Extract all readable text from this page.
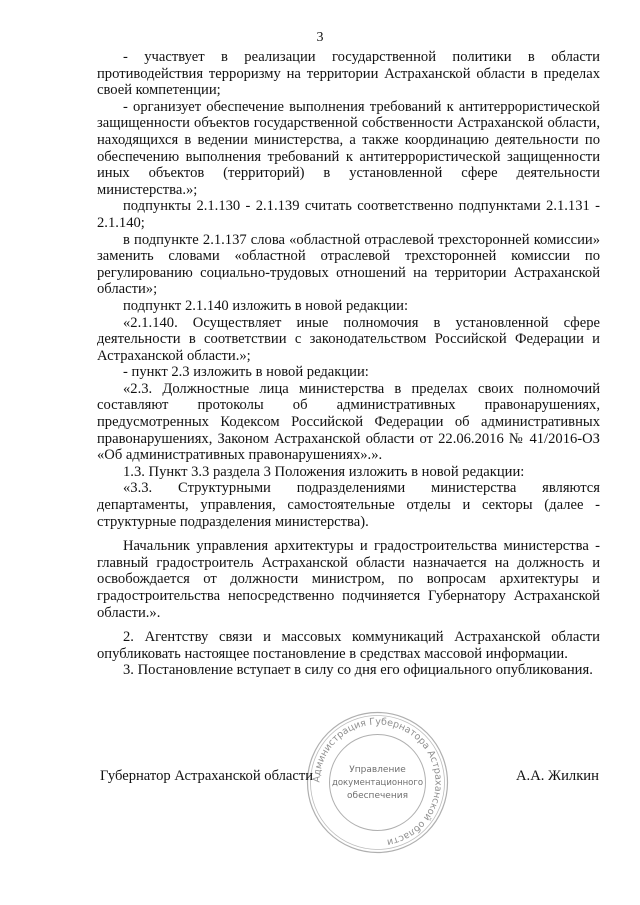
3

- участвует в реализации государственной политики в области противодействия терроризму на территории Астраханской области в пределах своей компетенции;

- организует обеспечение выполнения требований к антитеррористической защищенности объектов государственной собственности Астраханской области, находящихся в ведении министерства, а также координацию деятельности по обеспечению выполнения требований к антитеррористической защищенности иных объектов (территорий) в установленной сфере деятельности министерства.»;

подпункты 2.1.130 - 2.1.139 считать соответственно подпунктами 2.1.131 - 2.1.140;

в подпункте 2.1.137 слова «областной отраслевой трехсторонней комиссии» заменить словами «областной отраслевой трехсторонней комиссии по регулированию социально-трудовых отношений на территории Астраханской области»;

подпункт 2.1.140 изложить в новой редакции:

«2.1.140. Осуществляет иные полномочия в установленной сфере деятельности в соответствии с законодательством Российской Федерации и Астраханской области.»;

- пункт 2.3 изложить в новой редакции:

«2.3. Должностные лица министерства в пределах своих полномочий составляют протоколы об административных правонарушениях, предусмотренных Кодексом Российской Федерации об административных правонарушениях, Законом Астраханской области от 22.06.2016 № 41/2016-ОЗ «Об административных правонарушениях».».

1.3. Пункт 3.3 раздела 3 Положения изложить в новой редакции:

«3.3. Структурными подразделениями министерства являются департаменты, управления, самостоятельные отделы и секторы (далее - структурные подразделения министерства).

Начальник управления архитектуры и градостроительства министерства - главный градостроитель Астраханской области назначается на должность и освобождается от должности министром, по вопросам архитектуры и градостроительства непосредственно подчиняется Губернатору Астраханской области.».

2. Агентству связи и массовых коммуникаций Астраханской области опубликовать настоящее постановление в средствах массовой информации.

3. Постановление вступает в силу со дня его официального опубликования.

Администрация Губернатора Астраханской области
Управление
документационного
обеспечения
Губернатор Астраханской области	А.А. Жилкин
